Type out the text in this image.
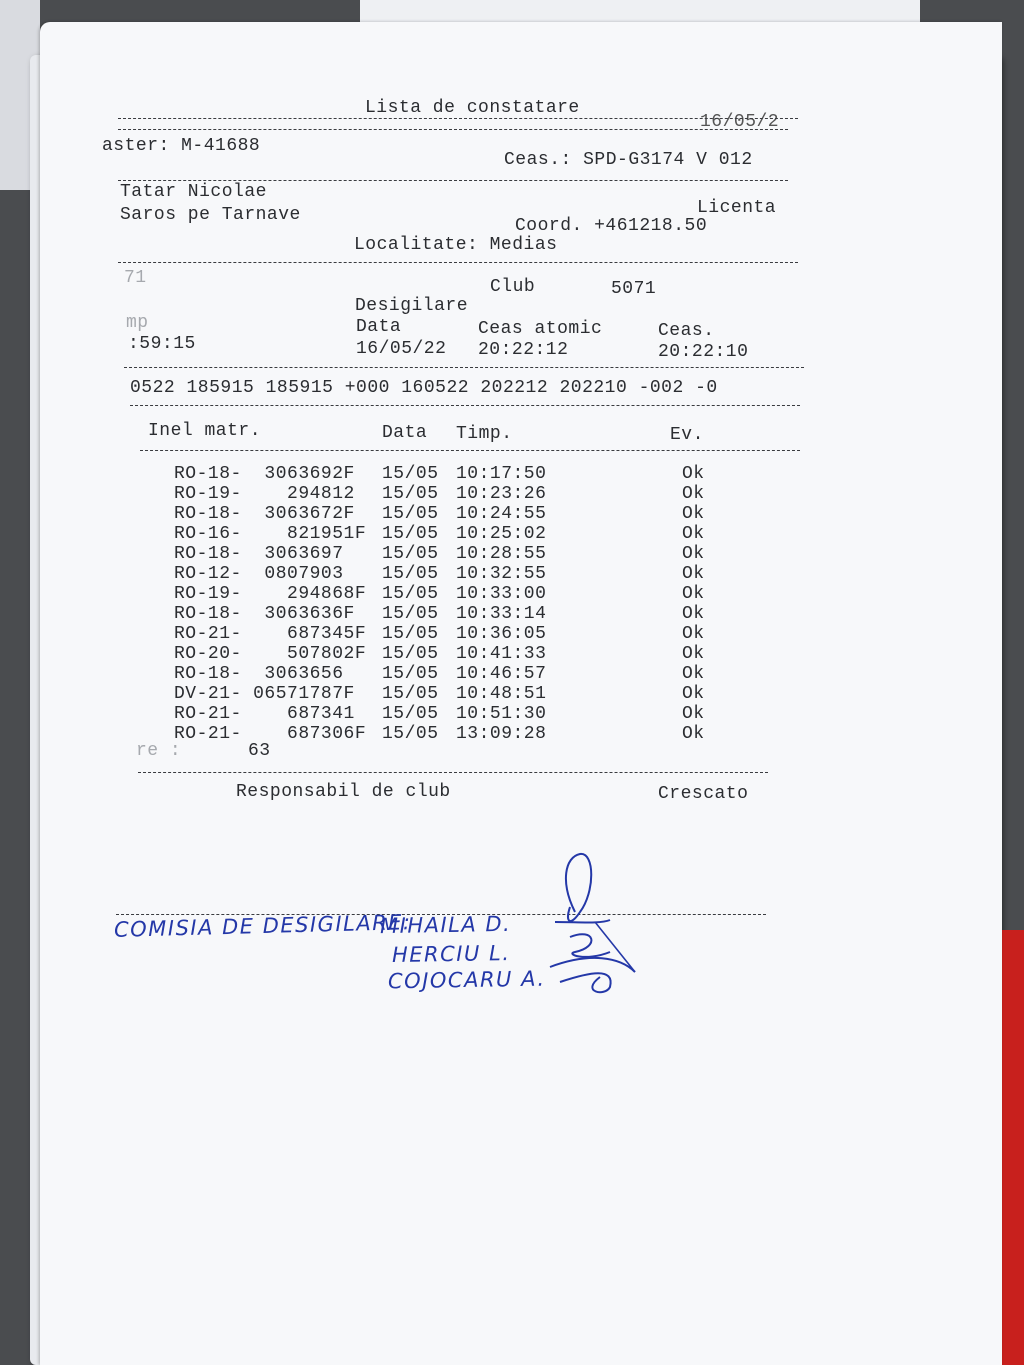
Lista de constatare
16/05/2
aster: M-41688
Ceas.: SPD-G3174 V 012
Tatar Nicolae
Saros pe Tarnave	Licenta
Coord. +461218.50
Localitate: Medias
71	Club	5071
Desigilare
mp	Data	Ceas atomic	Ceas.
:59:15	16/05/22 20:22:12	20:22:10
0522 185915 185915 +000 160522 202212 202210 -002 -0
Inel matr.	Data Timp.	Ev.
RO-18-  3063692F 15/05 10:17:50	Ok
RO-19-    294812 15/05 10:23:26	Ok
RO-18-  3063672F 15/05 10:24:55	Ok
RO-16-    821951F 15/05 10:25:02	Ok
RO-18-  3063697 15/05 10:28:55	Ok
RO-12-  0807903 15/05 10:32:55	Ok
RO-19-    294868F 15/05 10:33:00	Ok
RO-18-  3063636F 15/05 10:33:14	Ok
RO-21-    687345F 15/05 10:36:05	Ok
RO-20-    507802F 15/05 10:41:33	Ok
RO-18-  3063656 15/05 10:46:57	Ok
DV-21- 06571787F 15/05 10:48:51	Ok
RO-21-    687341 15/05 10:51:30	Ok
RO-21-    687306F 15/05 13:09:28	Ok
re :	63
Responsabil de club	Crescato
COMISIA DE DESIGILARE:
MIHAILA D.
HERCIU L.
COJOCARU A.
